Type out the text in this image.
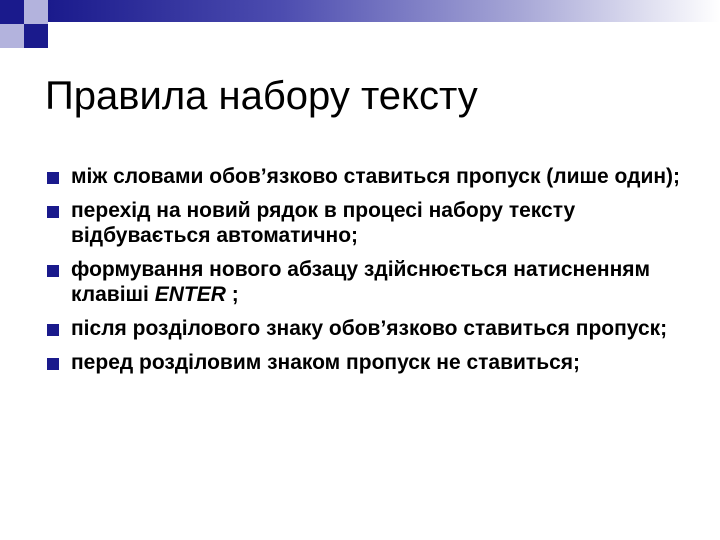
Правила набору тексту
між словами обов’язково ставиться пропуск (лише один);
перехід на новий рядок в процесі набору тексту відбувається автоматично;
формування нового абзацу здійснюється натисненням клавіші ENTER ;
після розділового знаку обов’язково ставиться пропуск;
перед розділовим знаком пропуск не ставиться;
